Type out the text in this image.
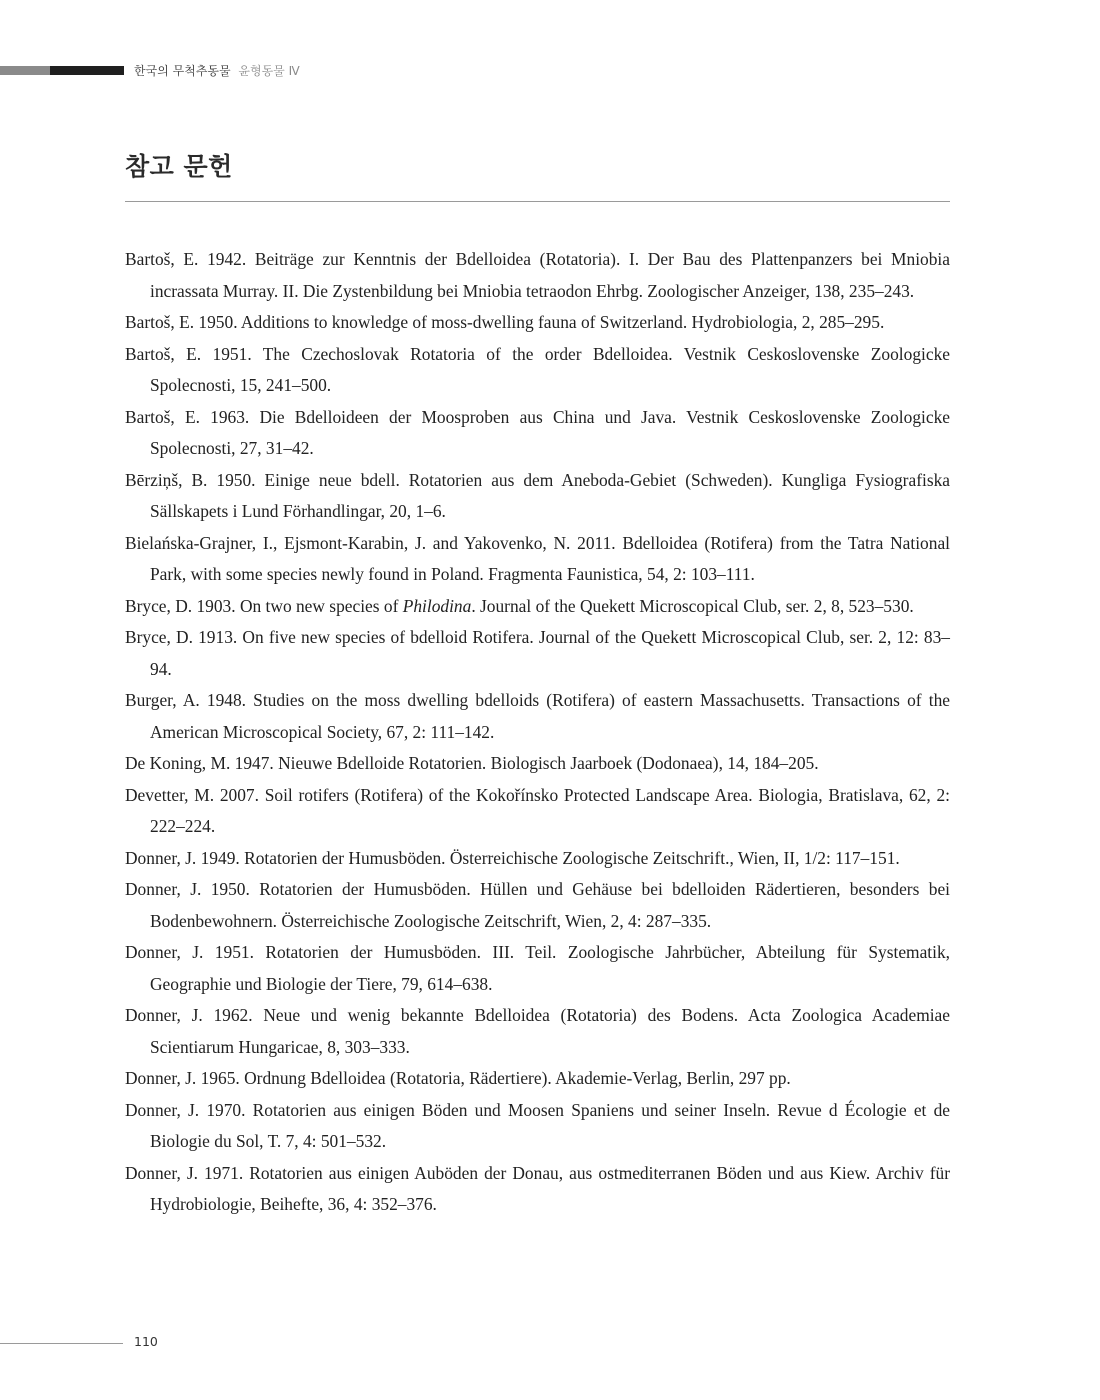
한국의 무척추동물 윤형동물 Ⅳ
참고 문헌
Bartoš, E. 1942. Beiträge zur Kenntnis der Bdelloidea (Rotatoria). I. Der Bau des Plattenpanzers bei Mniobia incrassata Murray. II. Die Zystenbildung bei Mniobia tetraodon Ehrbg. Zoologischer Anzeiger, 138, 235–243.
Bartoš, E. 1950. Additions to knowledge of moss-dwelling fauna of Switzerland. Hydrobiologia, 2, 285–295.
Bartoš, E. 1951. The Czechoslovak Rotatoria of the order Bdelloidea. Vestnik Ceskoslovenske Zoologicke Spolecnosti, 15, 241–500.
Bartoš, E. 1963. Die Bdelloideen der Moosproben aus China und Java. Vestnik Ceskoslovenske Zoologicke Spolecnosti, 27, 31–42.
Bērziņš, B. 1950. Einige neue bdell. Rotatorien aus dem Aneboda-Gebiet (Schweden). Kungliga Fysiografiska Sällskapets i Lund Förhandlingar, 20, 1–6.
Bielańska-Grajner, I., Ejsmont-Karabin, J. and Yakovenko, N. 2011. Bdelloidea (Rotifera) from the Tatra National Park, with some species newly found in Poland. Fragmenta Faunistica, 54, 2: 103–111.
Bryce, D. 1903. On two new species of Philodina. Journal of the Quekett Microscopical Club, ser. 2, 8, 523–530.
Bryce, D. 1913. On five new species of bdelloid Rotifera. Journal of the Quekett Microscopical Club, ser. 2, 12: 83–94.
Burger, A. 1948. Studies on the moss dwelling bdelloids (Rotifera) of eastern Massachusetts. Transactions of the American Microscopical Society, 67, 2: 111–142.
De Koning, M. 1947. Nieuwe Bdelloide Rotatorien. Biologisch Jaarboek (Dodonaea), 14, 184–205.
Devetter, M. 2007. Soil rotifers (Rotifera) of the Kokořínsko Protected Landscape Area. Biologia, Bratislava, 62, 2: 222–224.
Donner, J. 1949. Rotatorien der Humusböden. Österreichische Zoologische Zeitschrift., Wien, II, 1/2: 117–151.
Donner, J. 1950. Rotatorien der Humusböden. Hüllen und Gehäuse bei bdelloiden Rädertieren, besonders bei Bodenbewohnern. Österreichische Zoologische Zeitschrift, Wien, 2, 4: 287–335.
Donner, J. 1951. Rotatorien der Humusböden. III. Teil. Zoologische Jahrbücher, Abteilung für Systematik, Geographie und Biologie der Tiere, 79, 614–638.
Donner, J. 1962. Neue und wenig bekannte Bdelloidea (Rotatoria) des Bodens. Acta Zoologica Academiae Scientiarum Hungaricae, 8, 303–333.
Donner, J. 1965. Ordnung Bdelloidea (Rotatoria, Rädertiere). Akademie-Verlag, Berlin, 297 pp.
Donner, J. 1970. Rotatorien aus einigen Böden und Moosen Spaniens und seiner Inseln. Revue d Écologie et de Biologie du Sol, T. 7, 4: 501–532.
Donner, J. 1971. Rotatorien aus einigen Auböden der Donau, aus ostmediterranen Böden und aus Kiew. Archiv für Hydrobiologie, Beihefte, 36, 4: 352–376.
110
